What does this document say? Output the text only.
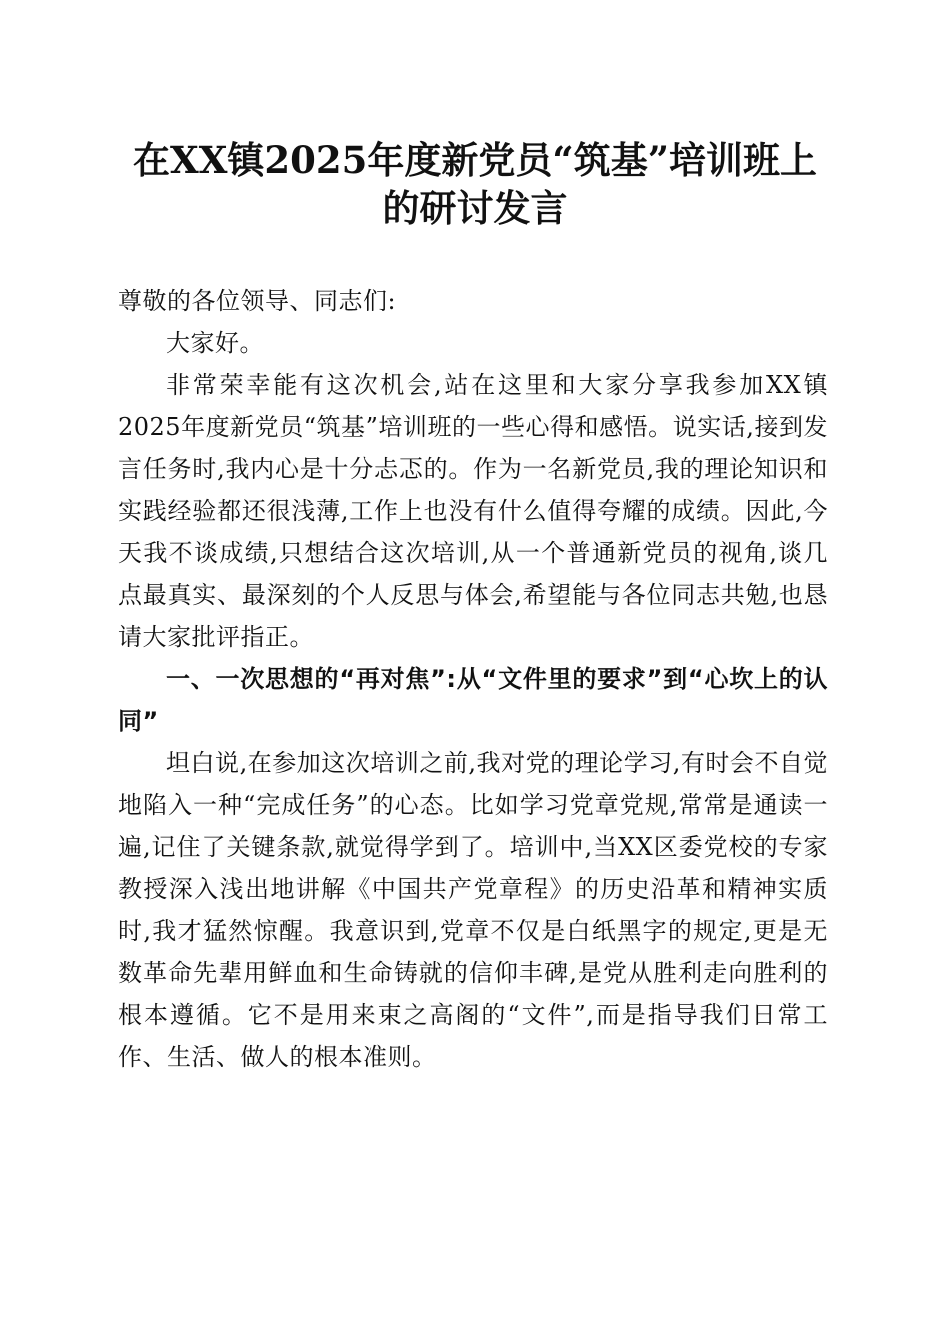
在XX镇2025年度新党员“筑基”培训班上
的研讨发言

尊敬的各位领导、同志们:

大家好。

非常荣幸能有这次机会,站在这里和大家分享我参加XX镇2025年度新党员“筑基”培训班的一些心得和感悟。说实话,接到发言任务时,我内心是十分忐忑的。作为一名新党员,我的理论知识和实践经验都还很浅薄,工作上也没有什么值得夸耀的成绩。因此,今天我不谈成绩,只想结合这次培训,从一个普通新党员的视角,谈几点最真实、最深刻的个人反思与体会,希望能与各位同志共勉,也恳请大家批评指正。

一、一次思想的“再对焦”:从“文件里的要求”到“心坎上的认同”

坦白说,在参加这次培训之前,我对党的理论学习,有时会不自觉地陷入一种“完成任务”的心态。比如学习党章党规,常常是通读一遍,记住了关键条款,就觉得学到了。培训中,当XX区委党校的专家教授深入浅出地讲解《中国共产党章程》的历史沿革和精神实质时,我才猛然惊醒。我意识到,党章不仅是白纸黑字的规定,更是无数革命先辈用鲜血和生命铸就的信仰丰碑,是党从胜利走向胜利的根本遵循。它不是用来束之高阁的“文件”,而是指导我们日常工作、生活、做人的根本准则。
